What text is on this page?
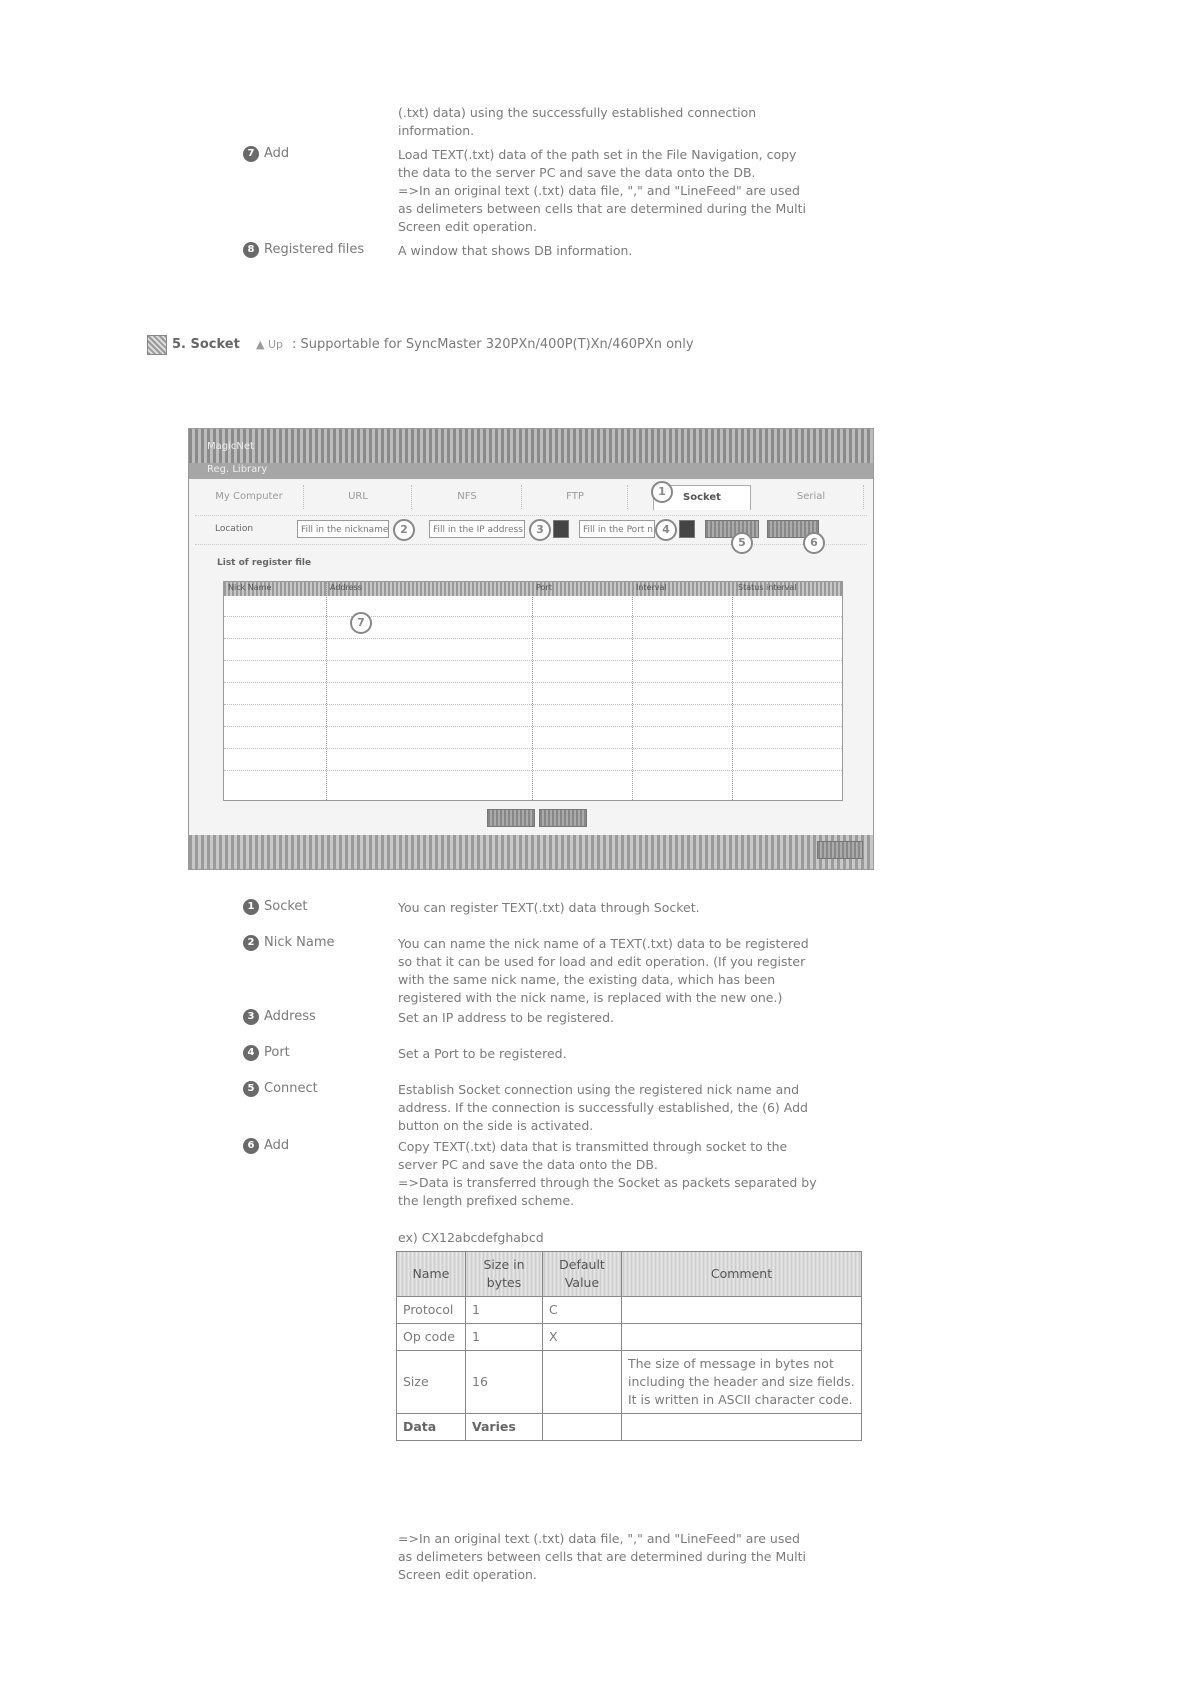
(.txt) data) using the successfully established connection

information.

7 Add	Load TEXT(.txt) data of the path set in the File Navigation, copy

the data to the server PC and save the data onto the DB.

=>In an original text (.txt) data file, "," and "LineFeed" are used

as delimeters between cells that are determined during the Multi

Screen edit operation.

8 Registered files	A window that shows DB information.

5. Socket ▲ Up : Supportable for SyncMaster 320PXn/400P(T)Xn/460PXn only
MagicNet
Reg. Library
My Computer	URL	NFS	FTP	Socket	Serial
1
Location	Fill in the nickname	2	Fill in the IP address	3	Fill in the Port n 4
5	6
List of register file
Nick Name	Address	Port	Interval	Status interval
7
1 Socket	You can register TEXT(.txt) data through Socket.

2 Nick Name	You can name the nick name of a TEXT(.txt) data to be registered

so that it can be used for load and edit operation. (If you register

with the same nick name, the existing data, which has been

registered with the nick name, is replaced with the new one.)

3 Address	Set an IP address to be registered.

4 Port	Set a Port to be registered.

5 Connect	Establish Socket connection using the registered nick name and

address. If the connection is successfully established, the (6) Add

button on the side is activated.

6 Add	Copy TEXT(.txt) data that is transmitted through socket to the

server PC and save the data onto the DB.

=>Data is transferred through the Socket as packets separated by

the length prefixed scheme.

ex) CX12abcdefghabcd
Name	Size in bytes	Default Value	Comment
Protocol	1	C	
Op code	1	X	
Size	16		The size of message in bytes not including the header and size fields. It is written in ASCII character code.
Data	Varies		

=>In an original text (.txt) data file, "," and "LineFeed" are used

as delimeters between cells that are determined during the Multi

Screen edit operation.
